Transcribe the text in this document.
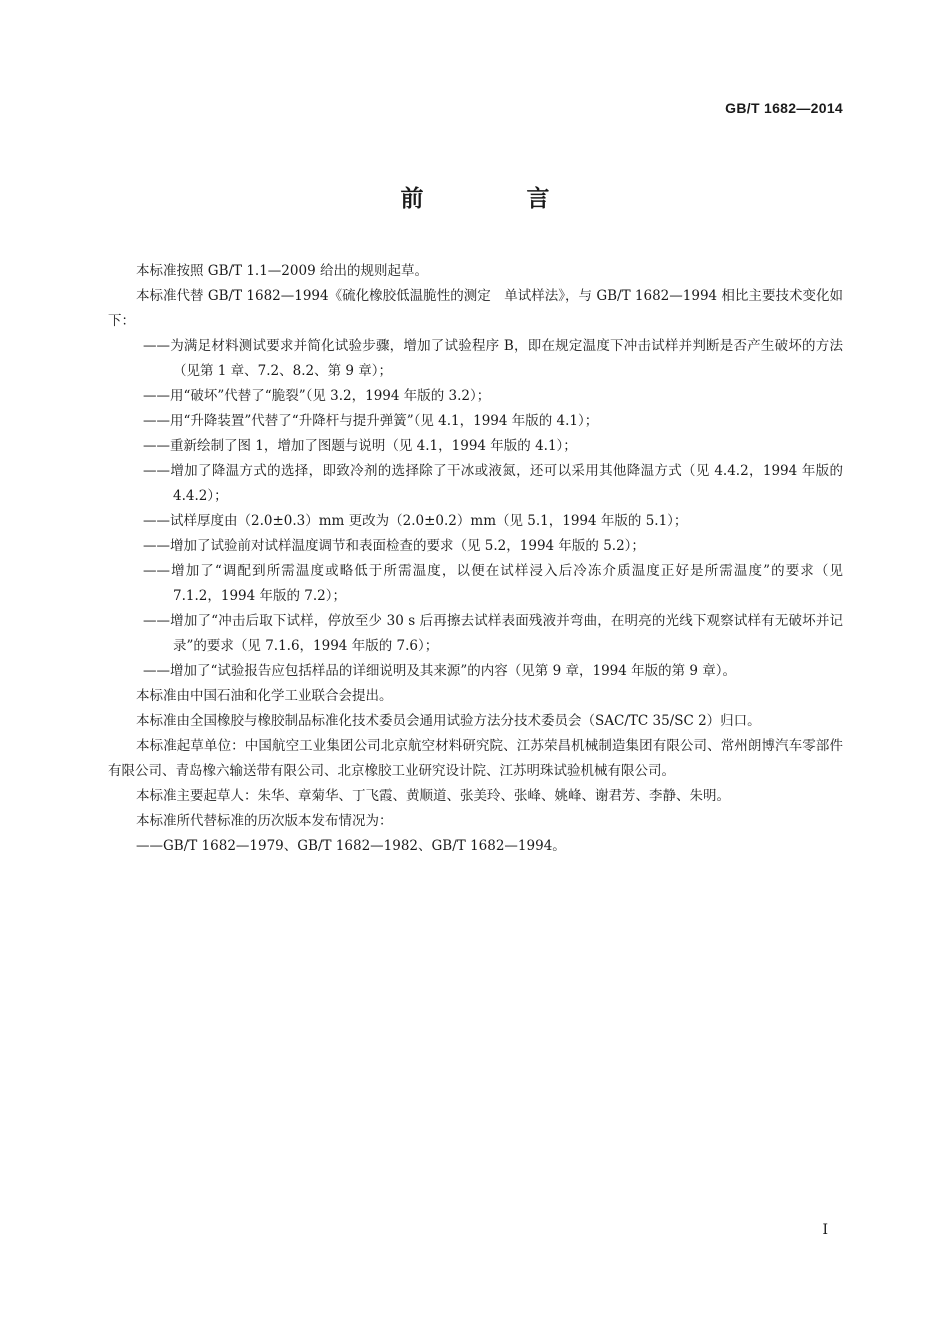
GB/T 1682—2014
前　言

本标准按照 GB/T 1.1—2009 给出的规则起草。

本标准代替 GB/T 1682—1994《硫化橡胶低温脆性的测定　单试样法》，与 GB/T 1682—1994 相比主要技术变化如下：

——为满足材料测试要求并简化试验步骤，增加了试验程序 B，即在规定温度下冲击试样并判断是否产生破坏的方法（见第 1 章、7.2、8.2、第 9 章）；

——用“破坏”代替了“脆裂”（见 3.2，1994 年版的 3.2）；

——用“升降装置”代替了“升降杆与提升弹簧”（见 4.1，1994 年版的 4.1）；

——重新绘制了图 1，增加了图题与说明（见 4.1，1994 年版的 4.1）；

——增加了降温方式的选择，即致冷剂的选择除了干冰或液氮，还可以采用其他降温方式（见 4.4.2，1994 年版的 4.4.2）；

——试样厚度由（2.0±0.3）mm 更改为（2.0±0.2）mm（见 5.1，1994 年版的 5.1）；

——增加了试验前对试样温度调节和表面检查的要求（见 5.2，1994 年版的 5.2）；

——增加了“调配到所需温度或略低于所需温度，以便在试样浸入后冷冻介质温度正好是所需温度”的要求（见 7.1.2，1994 年版的 7.2）；

——增加了“冲击后取下试样，停放至少 30 s 后再擦去试样表面残液并弯曲，在明亮的光线下观察试样有无破坏并记录”的要求（见 7.1.6，1994 年版的 7.6）；

——增加了“试验报告应包括样品的详细说明及其来源”的内容（见第 9 章，1994 年版的第 9 章）。

本标准由中国石油和化学工业联合会提出。

本标准由全国橡胶与橡胶制品标准化技术委员会通用试验方法分技术委员会（SAC/TC 35/SC 2）归口。

本标准起草单位：中国航空工业集团公司北京航空材料研究院、江苏荣昌机械制造集团有限公司、常州朗博汽车零部件有限公司、青岛橡六输送带有限公司、北京橡胶工业研究设计院、江苏明珠试验机械有限公司。

本标准主要起草人：朱华、章菊华、丁飞霞、黄顺道、张美玲、张峰、姚峰、谢君芳、李静、朱明。

本标准所代替标准的历次版本发布情况为：

——GB/T 1682—1979、GB/T 1682—1982、GB/T 1682—1994。

I
